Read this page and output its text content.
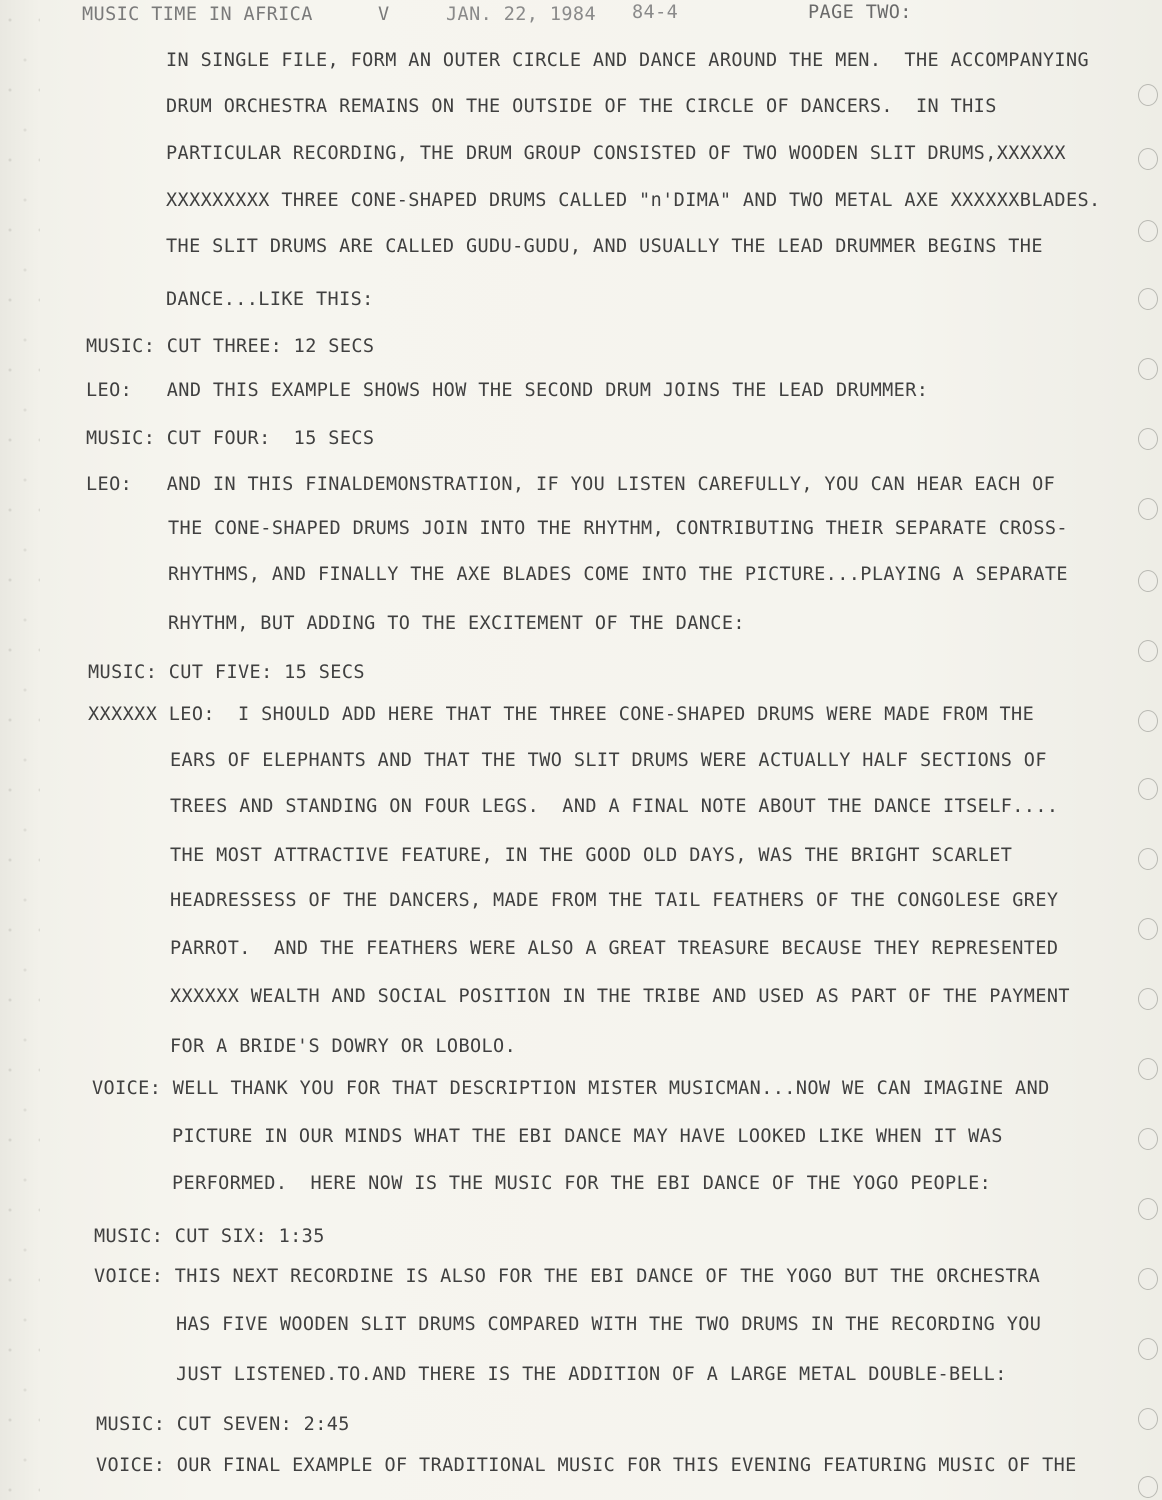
MUSIC TIME IN AFRICA	V	JAN. 22, 1984 84-4	PAGE TWO:
IN SINGLE FILE, FORM AN OUTER CIRCLE AND DANCE AROUND THE MEN.  THE ACCOMPANYING
DRUM ORCHESTRA REMAINS ON THE OUTSIDE OF THE CIRCLE OF DANCERS.  IN THIS
PARTICULAR RECORDING, THE DRUM GROUP CONSISTED OF TWO WOODEN SLIT DRUMS,XXXXXX
XXXXXXXXX THREE CONE-SHAPED DRUMS CALLED "n'DIMA" AND TWO METAL AXE XXXXXXBLADES.
THE SLIT DRUMS ARE CALLED GUDU-GUDU, AND USUALLY THE LEAD DRUMMER BEGINS THE
DANCE...LIKE THIS:
MUSIC: CUT THREE: 12 SECS
LEO:   AND THIS EXAMPLE SHOWS HOW THE SECOND DRUM JOINS THE LEAD DRUMMER:
MUSIC: CUT FOUR:  15 SECS
LEO:   AND IN THIS FINALDEMONSTRATION, IF YOU LISTEN CAREFULLY, YOU CAN HEAR EACH OF
THE CONE-SHAPED DRUMS JOIN INTO THE RHYTHM, CONTRIBUTING THEIR SEPARATE CROSS-
RHYTHMS, AND FINALLY THE AXE BLADES COME INTO THE PICTURE...PLAYING A SEPARATE
RHYTHM, BUT ADDING TO THE EXCITEMENT OF THE DANCE:
MUSIC: CUT FIVE: 15 SECS
XXXXXX LEO:  I SHOULD ADD HERE THAT THE THREE CONE-SHAPED DRUMS WERE MADE FROM THE
EARS OF ELEPHANTS AND THAT THE TWO SLIT DRUMS WERE ACTUALLY HALF SECTIONS OF
TREES AND STANDING ON FOUR LEGS.  AND A FINAL NOTE ABOUT THE DANCE ITSELF....
THE MOST ATTRACTIVE FEATURE, IN THE GOOD OLD DAYS, WAS THE BRIGHT SCARLET
HEADRESSESS OF THE DANCERS, MADE FROM THE TAIL FEATHERS OF THE CONGOLESE GREY
PARROT.  AND THE FEATHERS WERE ALSO A GREAT TREASURE BECAUSE THEY REPRESENTED
XXXXXX WEALTH AND SOCIAL POSITION IN THE TRIBE AND USED AS PART OF THE PAYMENT
FOR A BRIDE'S DOWRY OR LOBOLO.
VOICE: WELL THANK YOU FOR THAT DESCRIPTION MISTER MUSICMAN...NOW WE CAN IMAGINE AND
PICTURE IN OUR MINDS WHAT THE EBI DANCE MAY HAVE LOOKED LIKE WHEN IT WAS
PERFORMED.  HERE NOW IS THE MUSIC FOR THE EBI DANCE OF THE YOGO PEOPLE:
MUSIC: CUT SIX: 1:35
VOICE: THIS NEXT RECORDINE IS ALSO FOR THE EBI DANCE OF THE YOGO BUT THE ORCHESTRA
HAS FIVE WOODEN SLIT DRUMS COMPARED WITH THE TWO DRUMS IN THE RECORDING YOU
JUST LISTENED.TO.AND THERE IS THE ADDITION OF A LARGE METAL DOUBLE-BELL:
MUSIC: CUT SEVEN: 2:45
VOICE: OUR FINAL EXAMPLE OF TRADITIONAL MUSIC FOR THIS EVENING FEATURING MUSIC OF THE
